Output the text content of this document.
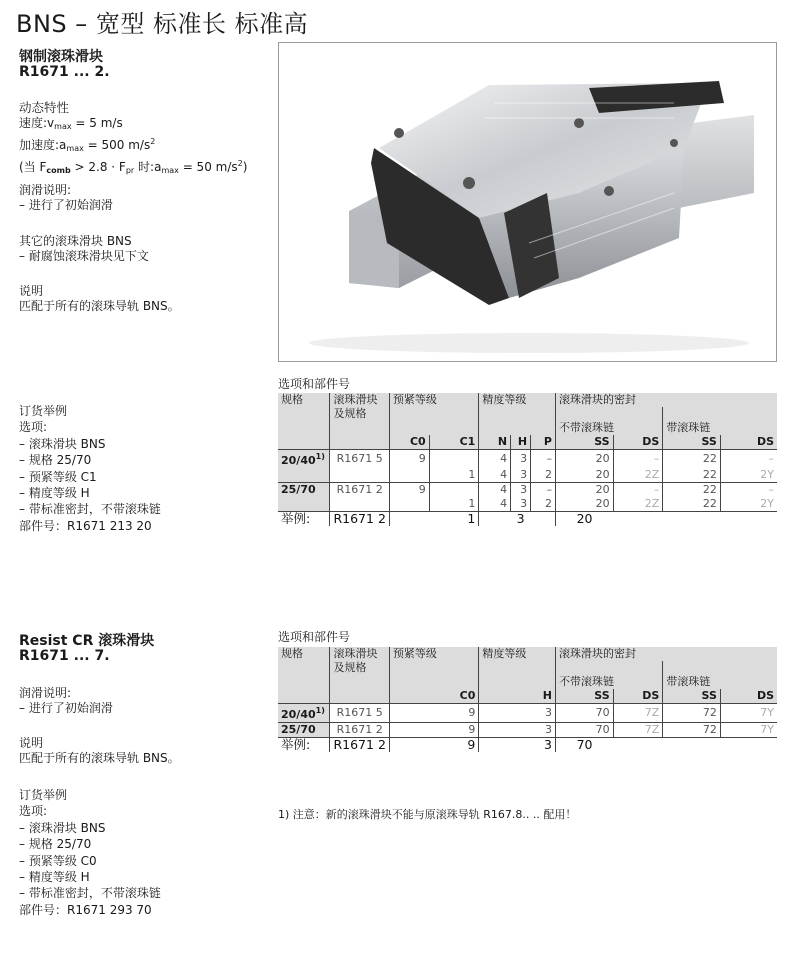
BNS – 宽型 标准长 标准高
钢制滚珠滑块
R1671 ... 2.
动态特性
速度$:v_{max} = 5$ m/s
加速度$:a_{max} = 500$ $m/s^2$
(当 $F_{comb} > 2.8 \cdot F_{pr}$ 时$:a_{max} = 50$ $m/s^2$)
润滑说明:
– 进行了初始润滑
其它的滚珠滑块 BNS
– 耐腐蚀滚珠滑块见下文
说明
匹配于所有的滚珠导轨 BNS。
订货举例
选项:
– 滚珠滑块 BNS
– 规格 25/70
– 预紧等级 C1
– 精度等级 H
– 带标准密封，不带滚珠链
部件号：R1671 213 20
选项和部件号
规格	滚珠滑块
及规格	预紧等级		精度等级			滚珠滑块的密封			
							不带滚珠链		带滚珠链	
		C0	C1	N	H	P	SS	DS	SS	DS
20/40$^{1)}$	R1671 5	9		4	3	–	20	–	22	–
			1	4	3	2	20	2Z	22	2Y
25/70	R1671 2	9		4	3	–	20	–	22	–
			1	4	3	2	20	2Z	22	2Y
举例:	R1671 2		1		3		20			
Resist CR 滚珠滑块
R1671 ... 7.
润滑说明:
– 进行了初始润滑
说明
匹配于所有的滚珠导轨 BNS。
订货举例
选项:
– 滚珠滑块 BNS
– 规格 25/70
– 预紧等级 C0
– 精度等级 H
– 带标准密封，不带滚珠链
部件号：R1671 293 70
选项和部件号
规格	滚珠滑块
及规格	预紧等级	精度等级	滚珠滑块的密封			
				不带滚珠链		带滚珠链	
		C0	H	SS	DS	SS	DS
20/40$^{1)}$	R1671 5	9	3	70	7Z	72	7Y
25/70	R1671 2	9	3	70	7Z	72	7Y
举例:	R1671 2	9	3	70			
1) 注意：新的滚珠滑块不能与原滚珠导轨 R167.8.. .. 配用！
